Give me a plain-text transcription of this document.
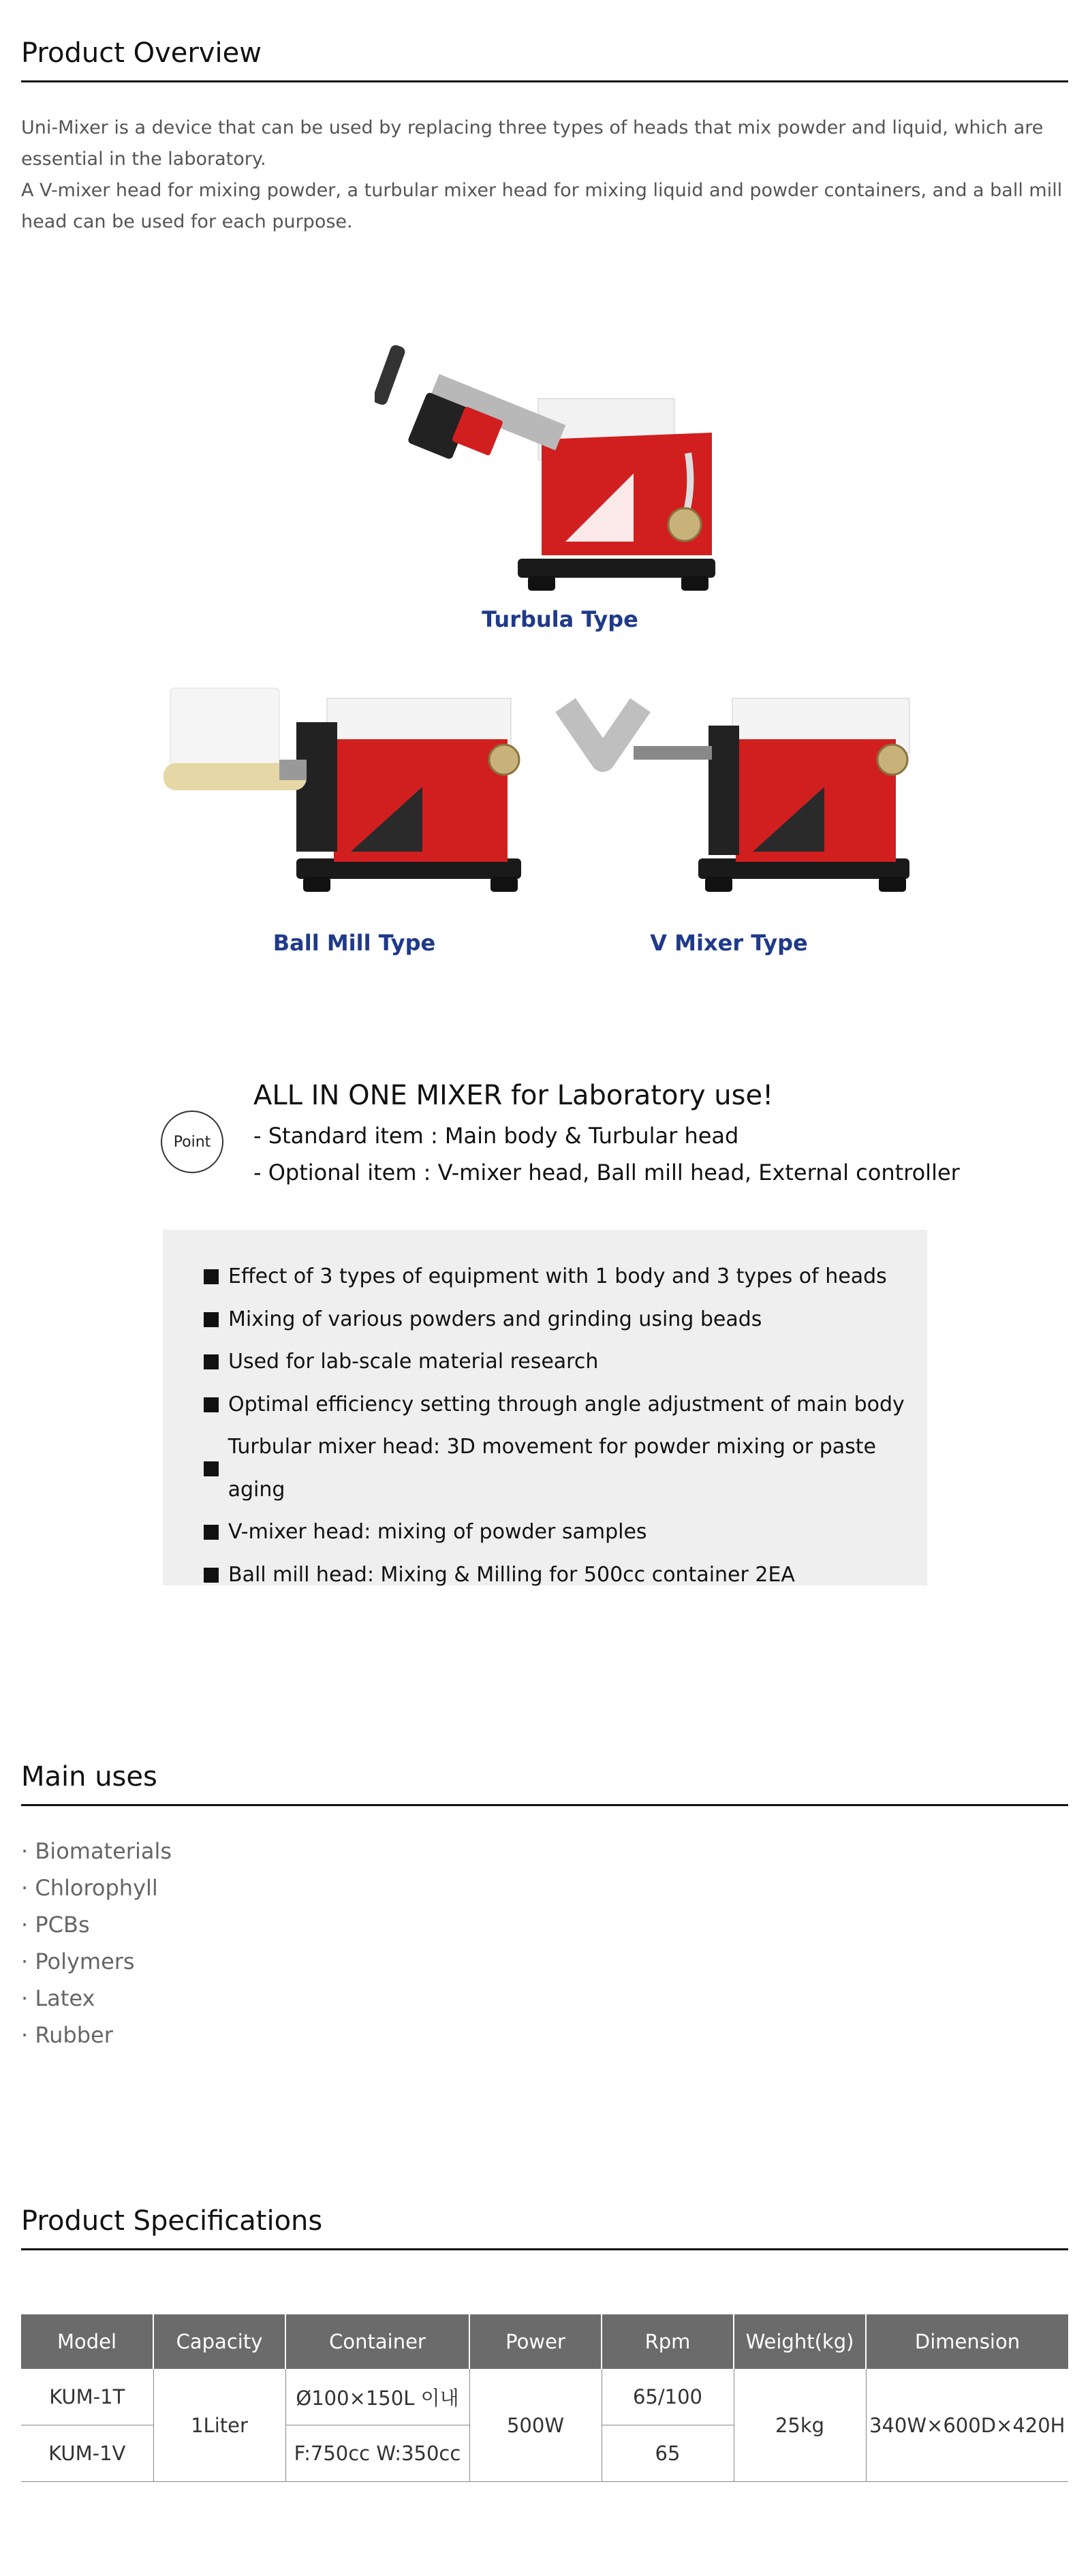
Product Overview
Uni-Mixer is a device that can be used by replacing three types of heads that mix powder and liquid, which are essential in the laboratory.
A V-mixer head for mixing powder, a turbular mixer head for mixing liquid and powder containers, and a ball mill head can be used for each purpose.
Turbula Type
Ball Mill Type	V Mixer Type
Point
ALL IN ONE MIXER for Laboratory use!
- Standard item : Main body & Turbular head
- Optional item : V-mixer head, Ball mill head, External controller
Effect of 3 types of equipment with 1 body and 3 types of heads
Mixing of various powders and grinding using beads
Used for lab-scale material research
Optimal efficiency setting through angle adjustment of main body
Turbular mixer head: 3D movement for powder mixing or paste aging
V-mixer head: mixing of powder samples
Ball mill head: Mixing & Milling for 500cc container 2EA
Main uses
· Biomaterials
· Chlorophyll
· PCBs
· Polymers
· Latex
· Rubber
Product Specifications
Model	Capacity	Container	Power	Rpm	Weight(kg)	Dimension
KUM-1T	1Liter	Ø100×150L 이내	500W	65/100	25kg	340W×600D×420H
KUM-1V		F:750cc W:350cc		65		
